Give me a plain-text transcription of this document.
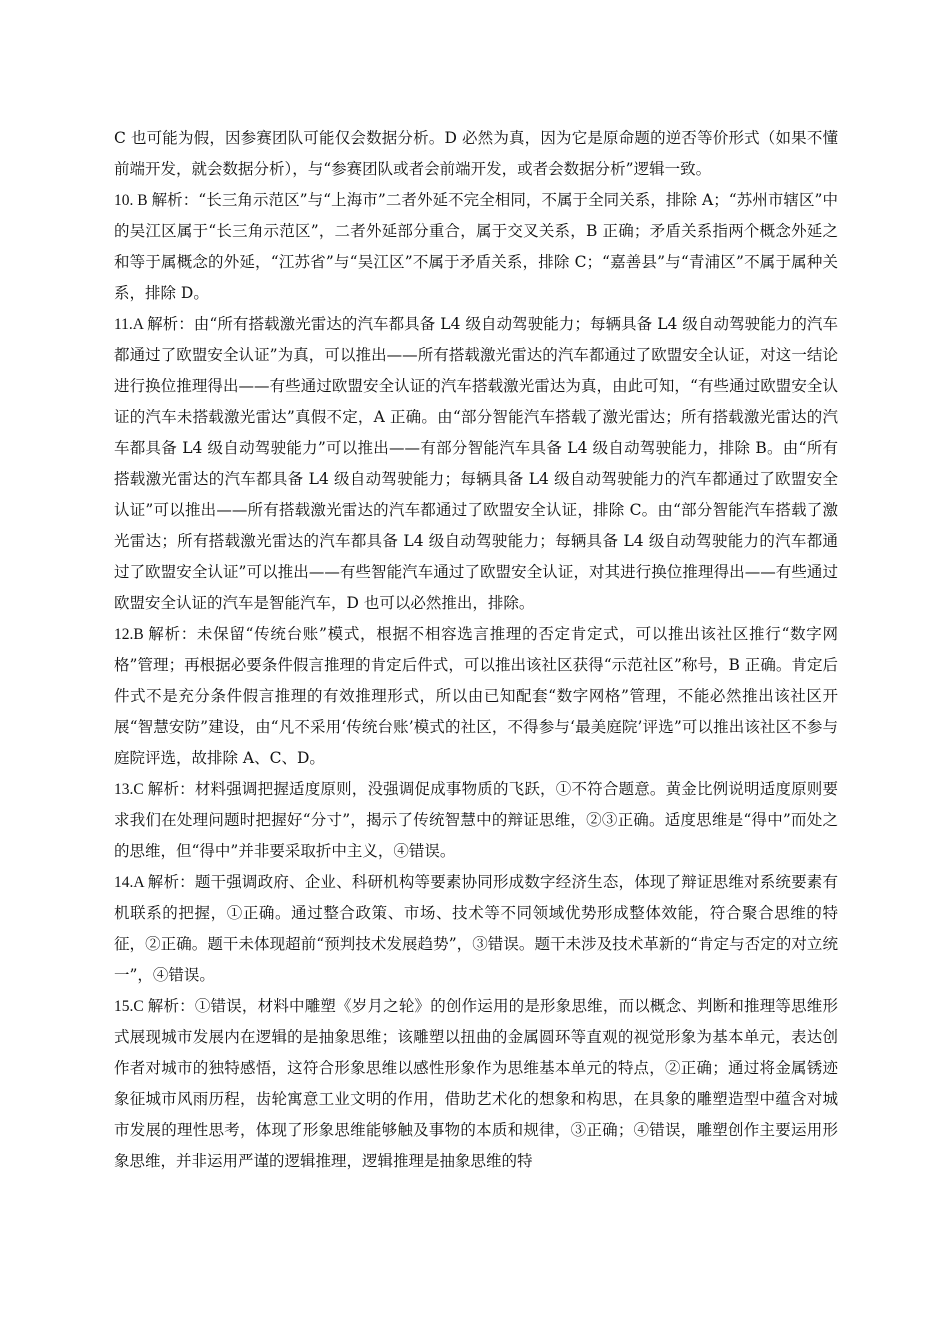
C 也可能为假，因参赛团队可能仅会数据分析。D 必然为真，因为它是原命题的逆否等价形式（如果不懂前端开发，就会数据分析），与“参赛团队或者会前端开发，或者会数据分析”逻辑一致。

10. B 解析：“长三角示范区”与“上海市”二者外延不完全相同，不属于全同关系，排除 A；“苏州市辖区”中的吴江区属于“长三角示范区”，二者外延部分重合，属于交叉关系，B 正确；矛盾关系指两个概念外延之和等于属概念的外延，“江苏省”与“吴江区”不属于矛盾关系，排除 C；“嘉善县”与“青浦区”不属于属种关系，排除 D。

11.A 解析：由“所有搭载激光雷达的汽车都具备 L4 级自动驾驶能力；每辆具备 L4 级自动驾驶能力的汽车都通过了欧盟安全认证”为真，可以推出——所有搭载激光雷达的汽车都通过了欧盟安全认证，对这一结论进行换位推理得出——有些通过欧盟安全认证的汽车搭载激光雷达为真，由此可知，“有些通过欧盟安全认证的汽车未搭载激光雷达”真假不定，A 正确。由“部分智能汽车搭载了激光雷达；所有搭载激光雷达的汽车都具备 L4 级自动驾驶能力”可以推出——有部分智能汽车具备 L4 级自动驾驶能力，排除 B。由“所有搭载激光雷达的汽车都具备 L4 级自动驾驶能力；每辆具备 L4 级自动驾驶能力的汽车都通过了欧盟安全认证”可以推出——所有搭载激光雷达的汽车都通过了欧盟安全认证，排除 C。由“部分智能汽车搭载了激光雷达；所有搭载激光雷达的汽车都具备 L4 级自动驾驶能力；每辆具备 L4 级自动驾驶能力的汽车都通过了欧盟安全认证”可以推出——有些智能汽车通过了欧盟安全认证，对其进行换位推理得出——有些通过欧盟安全认证的汽车是智能汽车，D 也可以必然推出，排除。

12.B 解析：未保留“传统台账”模式，根据不相容选言推理的否定肯定式，可以推出该社区推行“数字网格”管理；再根据必要条件假言推理的肯定后件式，可以推出该社区获得“示范社区”称号，B 正确。肯定后件式不是充分条件假言推理的有效推理形式，所以由已知配套“数字网格”管理，不能必然推出该社区开展“智慧安防”建设，由“凡不采用‘传统台账’模式的社区，不得参与‘最美庭院’评选”可以推出该社区不参与庭院评选，故排除 A、C、D。

13.C 解析：材料强调把握适度原则，没强调促成事物质的飞跃，①不符合题意。黄金比例说明适度原则要求我们在处理问题时把握好“分寸”，揭示了传统智慧中的辩证思维，②③正确。适度思维是“得中”而处之的思维，但“得中”并非要采取折中主义，④错误。

14.A 解析：题干强调政府、企业、科研机构等要素协同形成数字经济生态，体现了辩证思维对系统要素有机联系的把握，①正确。通过整合政策、市场、技术等不同领域优势形成整体效能，符合聚合思维的特征，②正确。题干未体现超前“预判技术发展趋势”，③错误。题干未涉及技术革新的“肯定与否定的对立统一”，④错误。

15.C 解析：①错误，材料中雕塑《岁月之轮》的创作运用的是形象思维，而以概念、判断和推理等思维形式展现城市发展内在逻辑的是抽象思维；该雕塑以扭曲的金属圆环等直观的视觉形象为基本单元，表达创作者对城市的独特感悟，这符合形象思维以感性形象作为思维基本单元的特点，②正确；通过将金属锈迹象征城市风雨历程，齿轮寓意工业文明的作用，借助艺术化的想象和构思，在具象的雕塑造型中蕴含对城市发展的理性思考，体现了形象思维能够触及事物的本质和规律，③正确；④错误，雕塑创作主要运用形象思维，并非运用严谨的逻辑推理，逻辑推理是抽象思维的特
